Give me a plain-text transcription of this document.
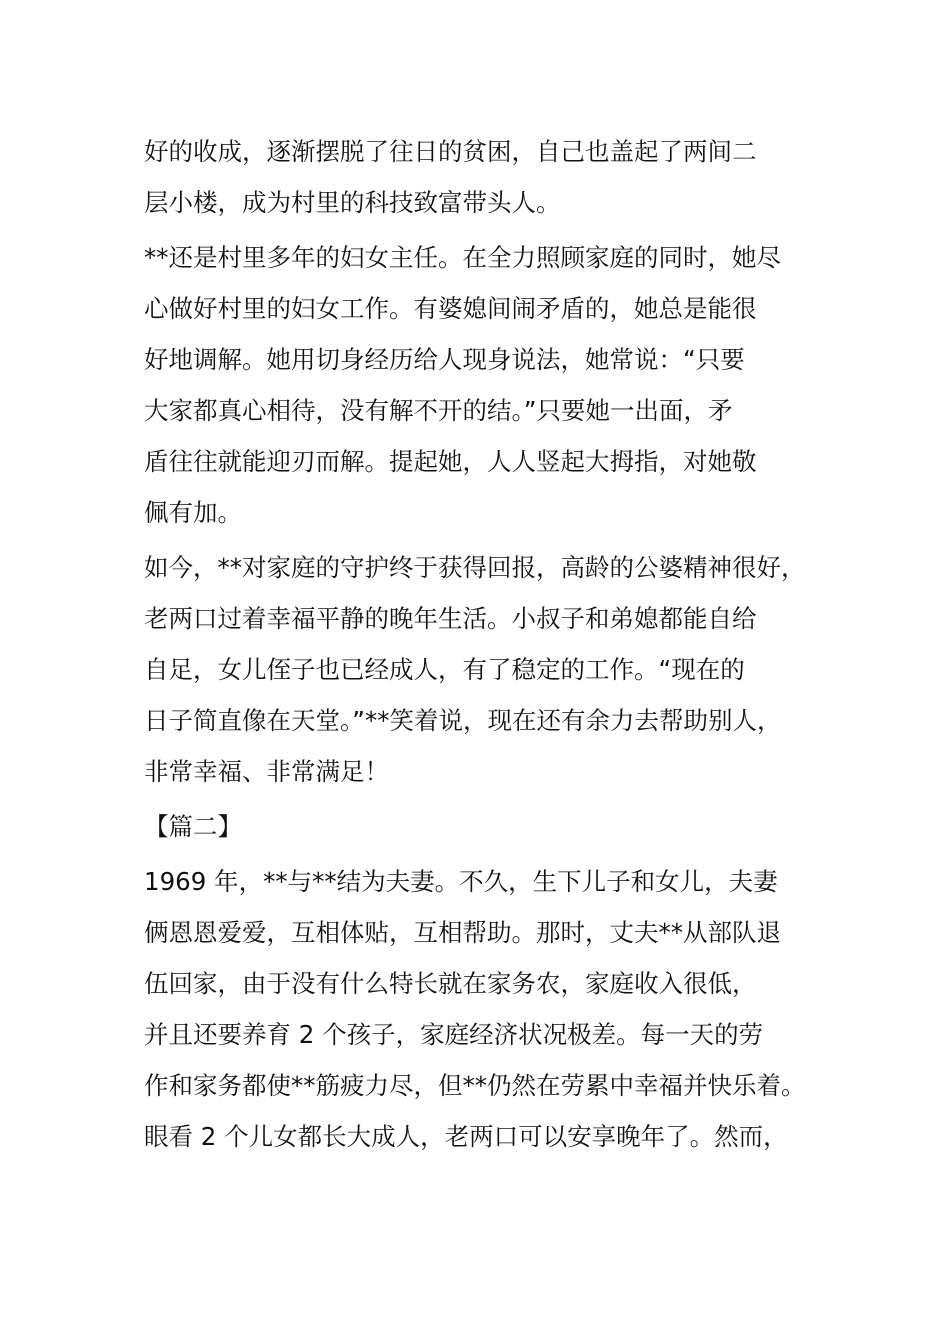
好的收成，逐渐摆脱了往日的贫困，自己也盖起了两间二
层小楼，成为村里的科技致富带头人。
**还是村里多年的妇女主任。在全力照顾家庭的同时，她尽
心做好村里的妇女工作。有婆媳间闹矛盾的，她总是能很
好地调解。她用切身经历给人现身说法，她常说：“只要
大家都真心相待，没有解不开的结。”只要她一出面，矛
盾往往就能迎刃而解。提起她，人人竖起大拇指，对她敬
佩有加。
如今，**对家庭的守护终于获得回报，高龄的公婆精神很好，
老两口过着幸福平静的晚年生活。小叔子和弟媳都能自给
自足，女儿侄子也已经成人，有了稳定的工作。“现在的
日子简直像在天堂。”**笑着说，现在还有余力去帮助别人，
非常幸福、非常满足！
【篇二】
1969 年，**与**结为夫妻。不久，生下儿子和女儿，夫妻
俩恩恩爱爱，互相体贴，互相帮助。那时，丈夫**从部队退
伍回家，由于没有什么特长就在家务农，家庭收入很低，
并且还要养育 2 个孩子，家庭经济状况极差。每一天的劳
作和家务都使**筋疲力尽，但**仍然在劳累中幸福并快乐着。
眼看 2 个儿女都长大成人，老两口可以安享晚年了。然而，
